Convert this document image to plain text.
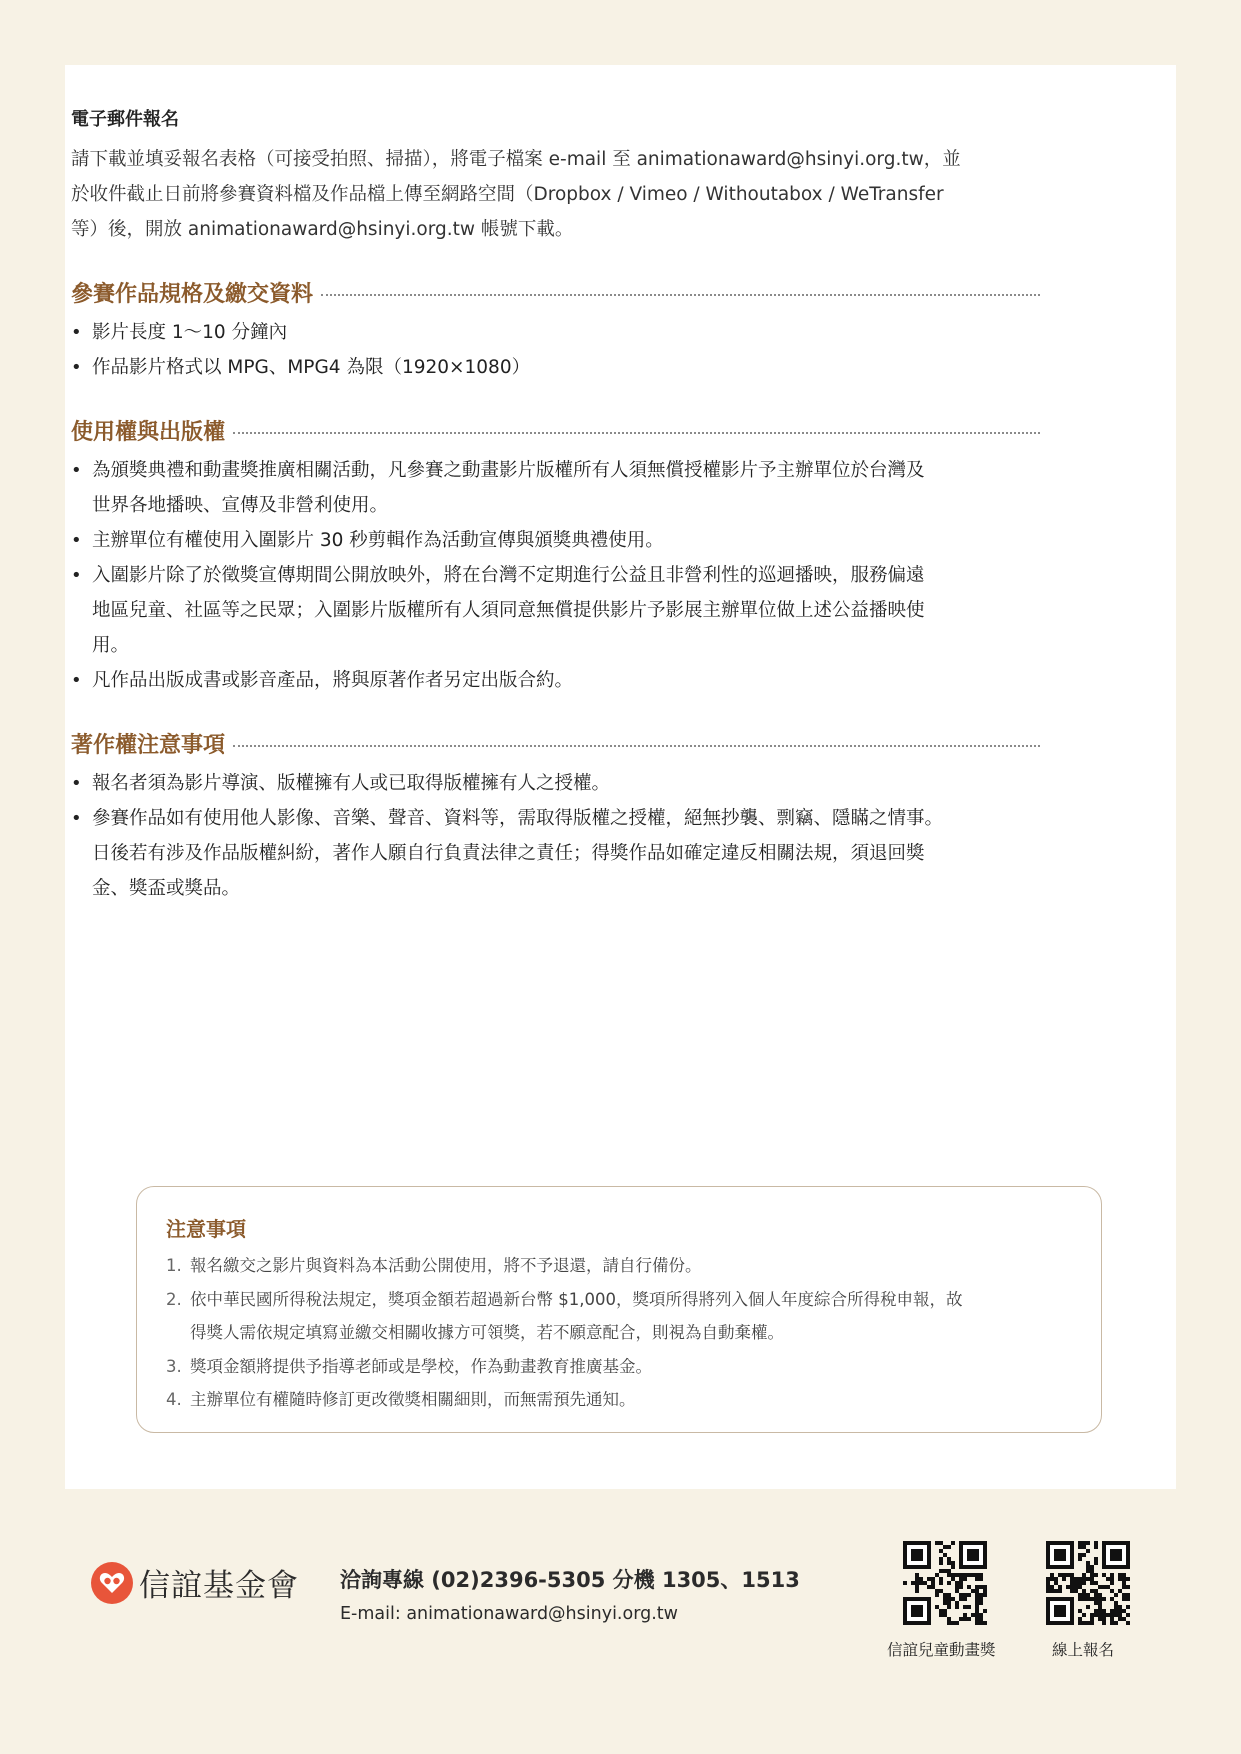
電子郵件報名
請下載並填妥報名表格（可接受拍照、掃描），將電子檔案 e-mail 至 animationaward@hsinyi.org.tw，並
於收件截止日前將參賽資料檔及作品檔上傳至網路空間（Dropbox / Vimeo / Withoutabox / WeTransfer
等）後，開放 animationaward@hsinyi.org.tw 帳號下載。
參賽作品規格及繳交資料
• 影片長度 1～10 分鐘內
• 作品影片格式以 MPG、MPG4 為限（1920×1080）
使用權與出版權
• 為頒獎典禮和動畫獎推廣相關活動，凡參賽之動畫影片版權所有人須無償授權影片予主辦單位於台灣及
世界各地播映、宣傳及非營利使用。
• 主辦單位有權使用入圍影片 30 秒剪輯作為活動宣傳與頒獎典禮使用。
• 入圍影片除了於徵獎宣傳期間公開放映外，將在台灣不定期進行公益且非營利性的巡迴播映，服務偏遠
地區兒童、社區等之民眾；入圍影片版權所有人須同意無償提供影片予影展主辦單位做上述公益播映使
用。
• 凡作品出版成書或影音產品，將與原著作者另定出版合約。
著作權注意事項
• 報名者須為影片導演、版權擁有人或已取得版權擁有人之授權。
• 參賽作品如有使用他人影像、音樂、聲音、資料等，需取得版權之授權，絕無抄襲、剽竊、隱瞞之情事。
日後若有涉及作品版權糾紛，著作人願自行負責法律之責任；得獎作品如確定違反相關法規，須退回獎
金、獎盃或獎品。
注意事項
1. 報名繳交之影片與資料為本活動公開使用，將不予退還，請自行備份。
2. 依中華民國所得稅法規定，獎項金額若超過新台幣 $1,000，獎項所得將列入個人年度綜合所得稅申報，故
得獎人需依規定填寫並繳交相關收據方可領獎，若不願意配合，則視為自動棄權。
3. 獎項金額將提供予指導老師或是學校，作為動畫教育推廣基金。
4. 主辦單位有權隨時修訂更改徵獎相關細則，而無需預先通知。
信誼基金會 洽詢專線 (02)2396-5305 分機 1305、1513
E-mail: animationaward@hsinyi.org.tw
信誼兒童動畫獎	線上報名
